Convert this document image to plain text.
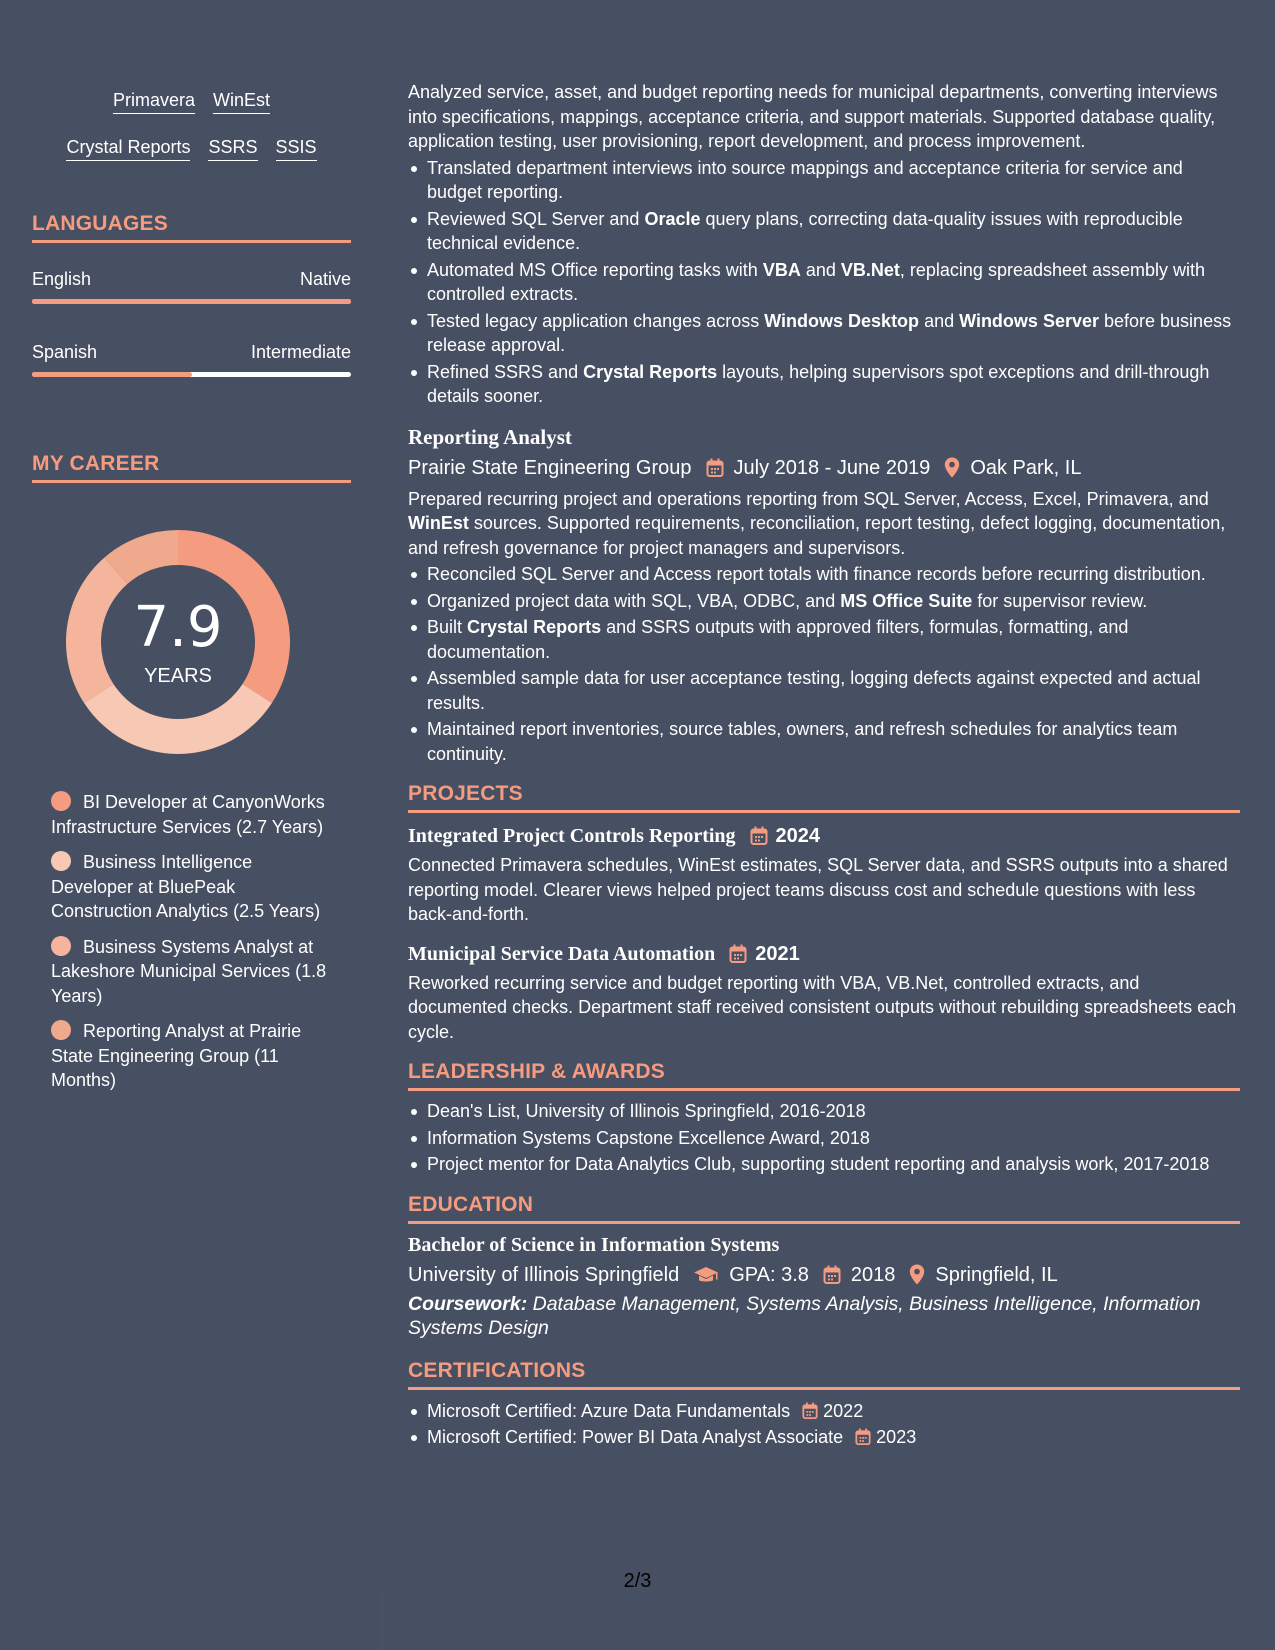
Primavera WinEst
Crystal Reports SSRS SSIS
LANGUAGES
English	Native
Spanish	Intermediate
MY CAREER
7.9
YEARS
BI Developer at CanyonWorks Infrastructure Services (2.7 Years)
Business Intelligence Developer at BluePeak Construction Analytics (2.5 Years)
Business Systems Analyst at Lakeshore Municipal Services (1.8 Years)
Reporting Analyst at Prairie State Engineering Group (11 Months)

Analyzed service, asset, and budget reporting needs for municipal departments, converting interviews into specifications, mappings, acceptance criteria, and support materials. Supported database quality, application testing, user provisioning, report development, and process improvement.

Translated department interviews into source mappings and acceptance criteria for service and budget reporting.
Reviewed SQL Server and Oracle query plans, correcting data-quality issues with reproducible technical evidence.
Automated MS Office reporting tasks with VBA and VB.Net, replacing spreadsheet assembly with controlled extracts.
Tested legacy application changes across Windows Desktop and Windows Server before business release approval.
Refined SSRS and Crystal Reports layouts, helping supervisors spot exceptions and drill-through details sooner.
Reporting Analyst
Prairie State Engineering Group July 2018 - June 2019 Oak Park, IL

Prepared recurring project and operations reporting from SQL Server, Access, Excel, Primavera, and WinEst sources. Supported requirements, reconciliation, report testing, defect logging, documentation, and refresh governance for project managers and supervisors.

Reconciled SQL Server and Access report totals with finance records before recurring distribution.
Organized project data with SQL, VBA, ODBC, and MS Office Suite for supervisor review.
Built Crystal Reports and SSRS outputs with approved filters, formulas, formatting, and documentation.
Assembled sample data for user acceptance testing, logging defects against expected and actual results.
Maintained report inventories, source tables, owners, and refresh schedules for analytics team continuity.
PROJECTS
Integrated Project Controls Reporting 2024

Connected Primavera schedules, WinEst estimates, SQL Server data, and SSRS outputs into a shared reporting model. Clearer views helped project teams discuss cost and schedule questions with less back-and-forth.

Municipal Service Data Automation 2021

Reworked recurring service and budget reporting with VBA, VB.Net, controlled extracts, and documented checks. Department staff received consistent outputs without rebuilding spreadsheets each cycle.

LEADERSHIP & AWARDS
Dean's List, University of Illinois Springfield, 2016-2018
Information Systems Capstone Excellence Award, 2018
Project mentor for Data Analytics Club, supporting student reporting and analysis work, 2017-2018
EDUCATION
Bachelor of Science in Information Systems
University of Illinois Springfield	GPA: 3.8 2018 Springfield, IL

Coursework: Database Management, Systems Analysis, Business Intelligence, Information Systems Design

CERTIFICATIONS
Microsoft Certified: Azure Data Fundamentals 2022
Microsoft Certified: Power BI Data Analyst Associate 2023
2/3
